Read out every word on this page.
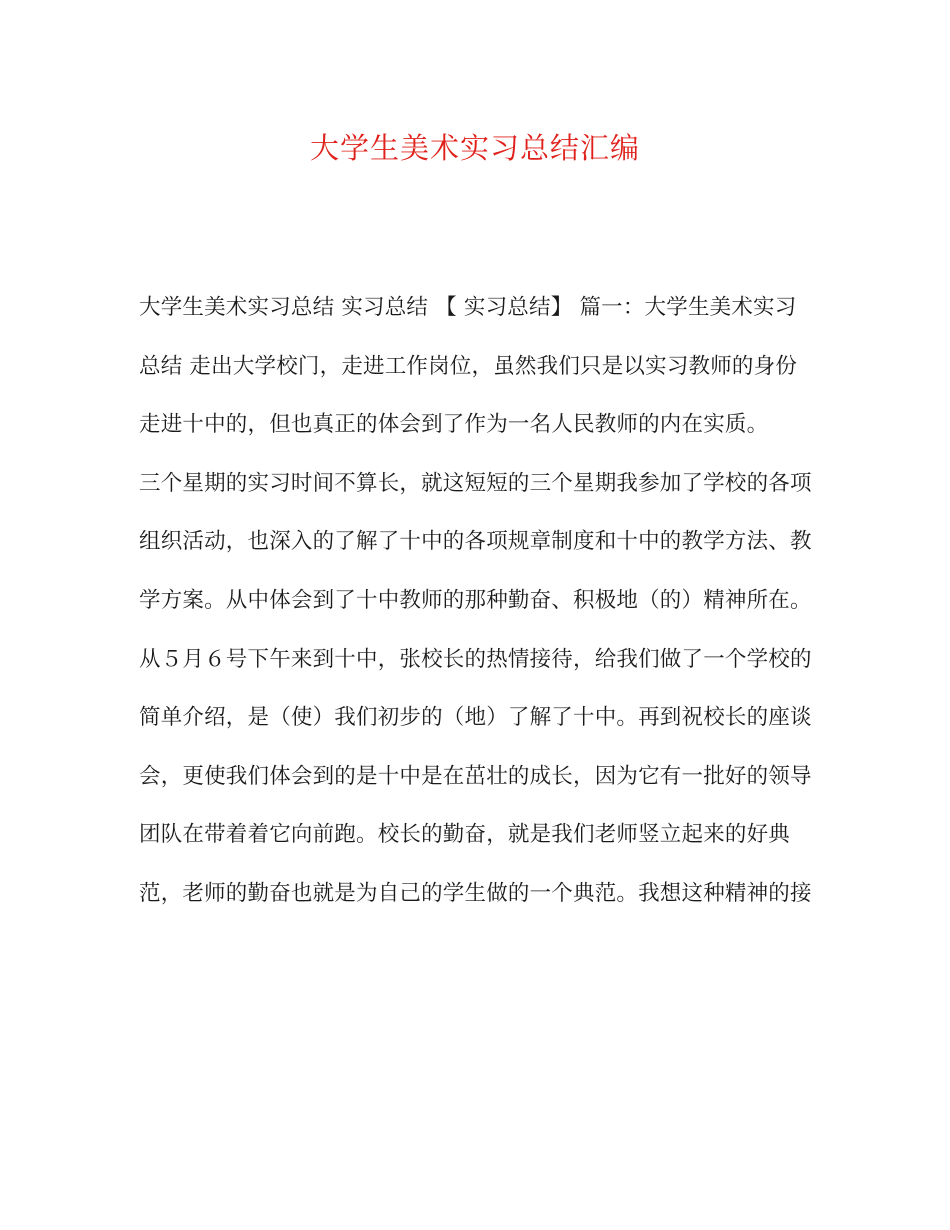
大学生美术实习总结汇编
大学生美术实习总结 实习总结 【 实习总结】 篇一：大学生美术实习
总结 走出大学校门，走进工作岗位，虽然我们只是以实习教师的身份
走进十中的，但也真正的体会到了作为一名人民教师的内在实质。
三个星期的实习时间不算长，就这短短的三个星期我参加了学校的各项
组织活动，也深入的了解了十中的各项规章制度和十中的教学方法、教
学方案。从中体会到了十中教师的那种勤奋、积极地（的）精神所在。
从５月６号下午来到十中，张校长的热情接待，给我们做了一个学校的
简单介绍，是（使）我们初步的（地）了解了十中。再到祝校长的座谈
会，更使我们体会到的是十中是在茁壮的成长，因为它有一批好的领导
团队在带着着它向前跑。校长的勤奋，就是我们老师竖立起来的好典
范，老师的勤奋也就是为自己的学生做的一个典范。我想这种精神的接
